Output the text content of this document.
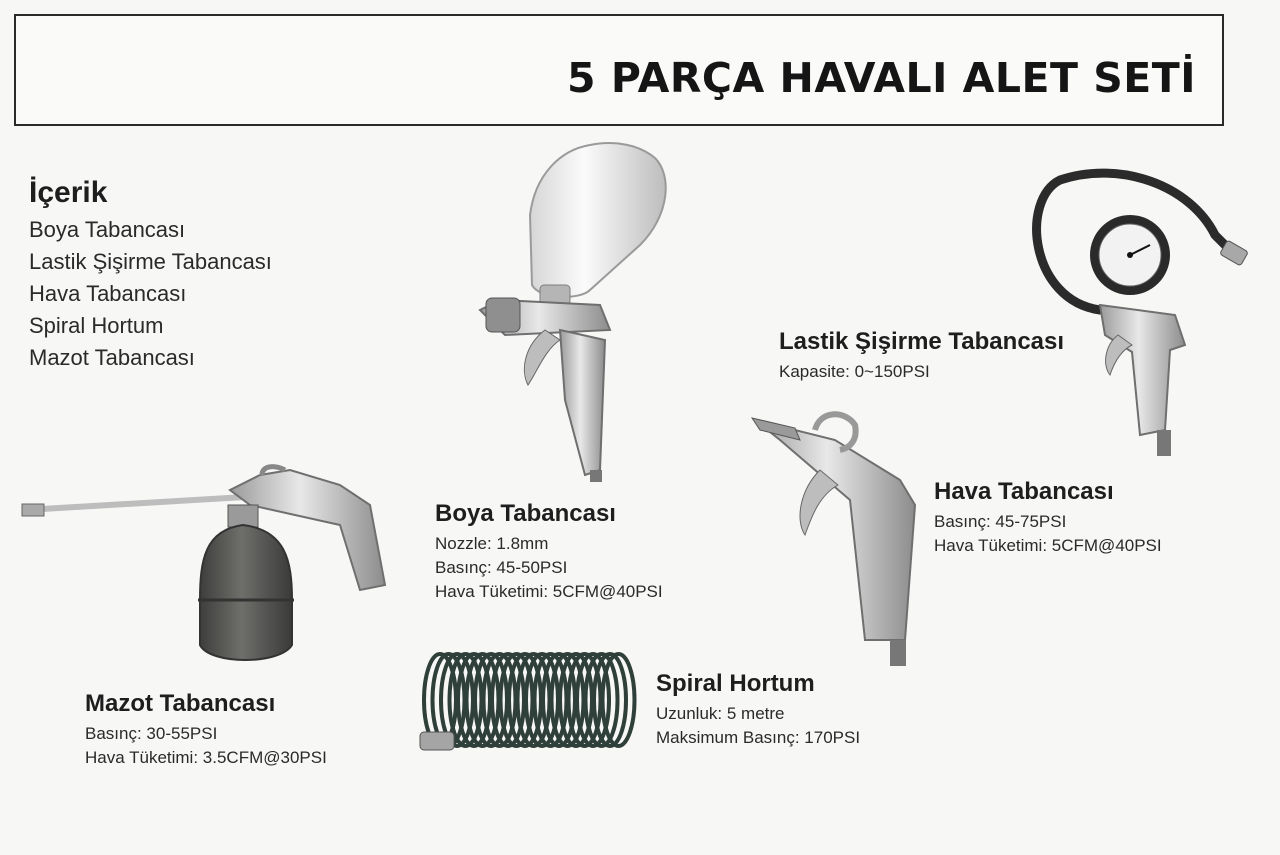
5 PARÇA HAVALI ALET SETİ
İçerik
Boya Tabancası
Lastik Şişirme Tabancası
Hava Tabancası
Spiral Hortum
Mazot Tabancası
Boya Tabancası
Nozzle: 1.8mm
Basınç: 45-50PSI
Hava Tüketimi: 5CFM@40PSI
Lastik Şişirme Tabancası
Kapasite: 0~150PSI
Hava Tabancası
Basınç: 45-75PSI
Hava Tüketimi: 5CFM@40PSI
Spiral Hortum
Uzunluk: 5 metre
Maksimum Basınç: 170PSI
Mazot Tabancası
Basınç: 30-55PSI
Hava Tüketimi: 3.5CFM@30PSI
